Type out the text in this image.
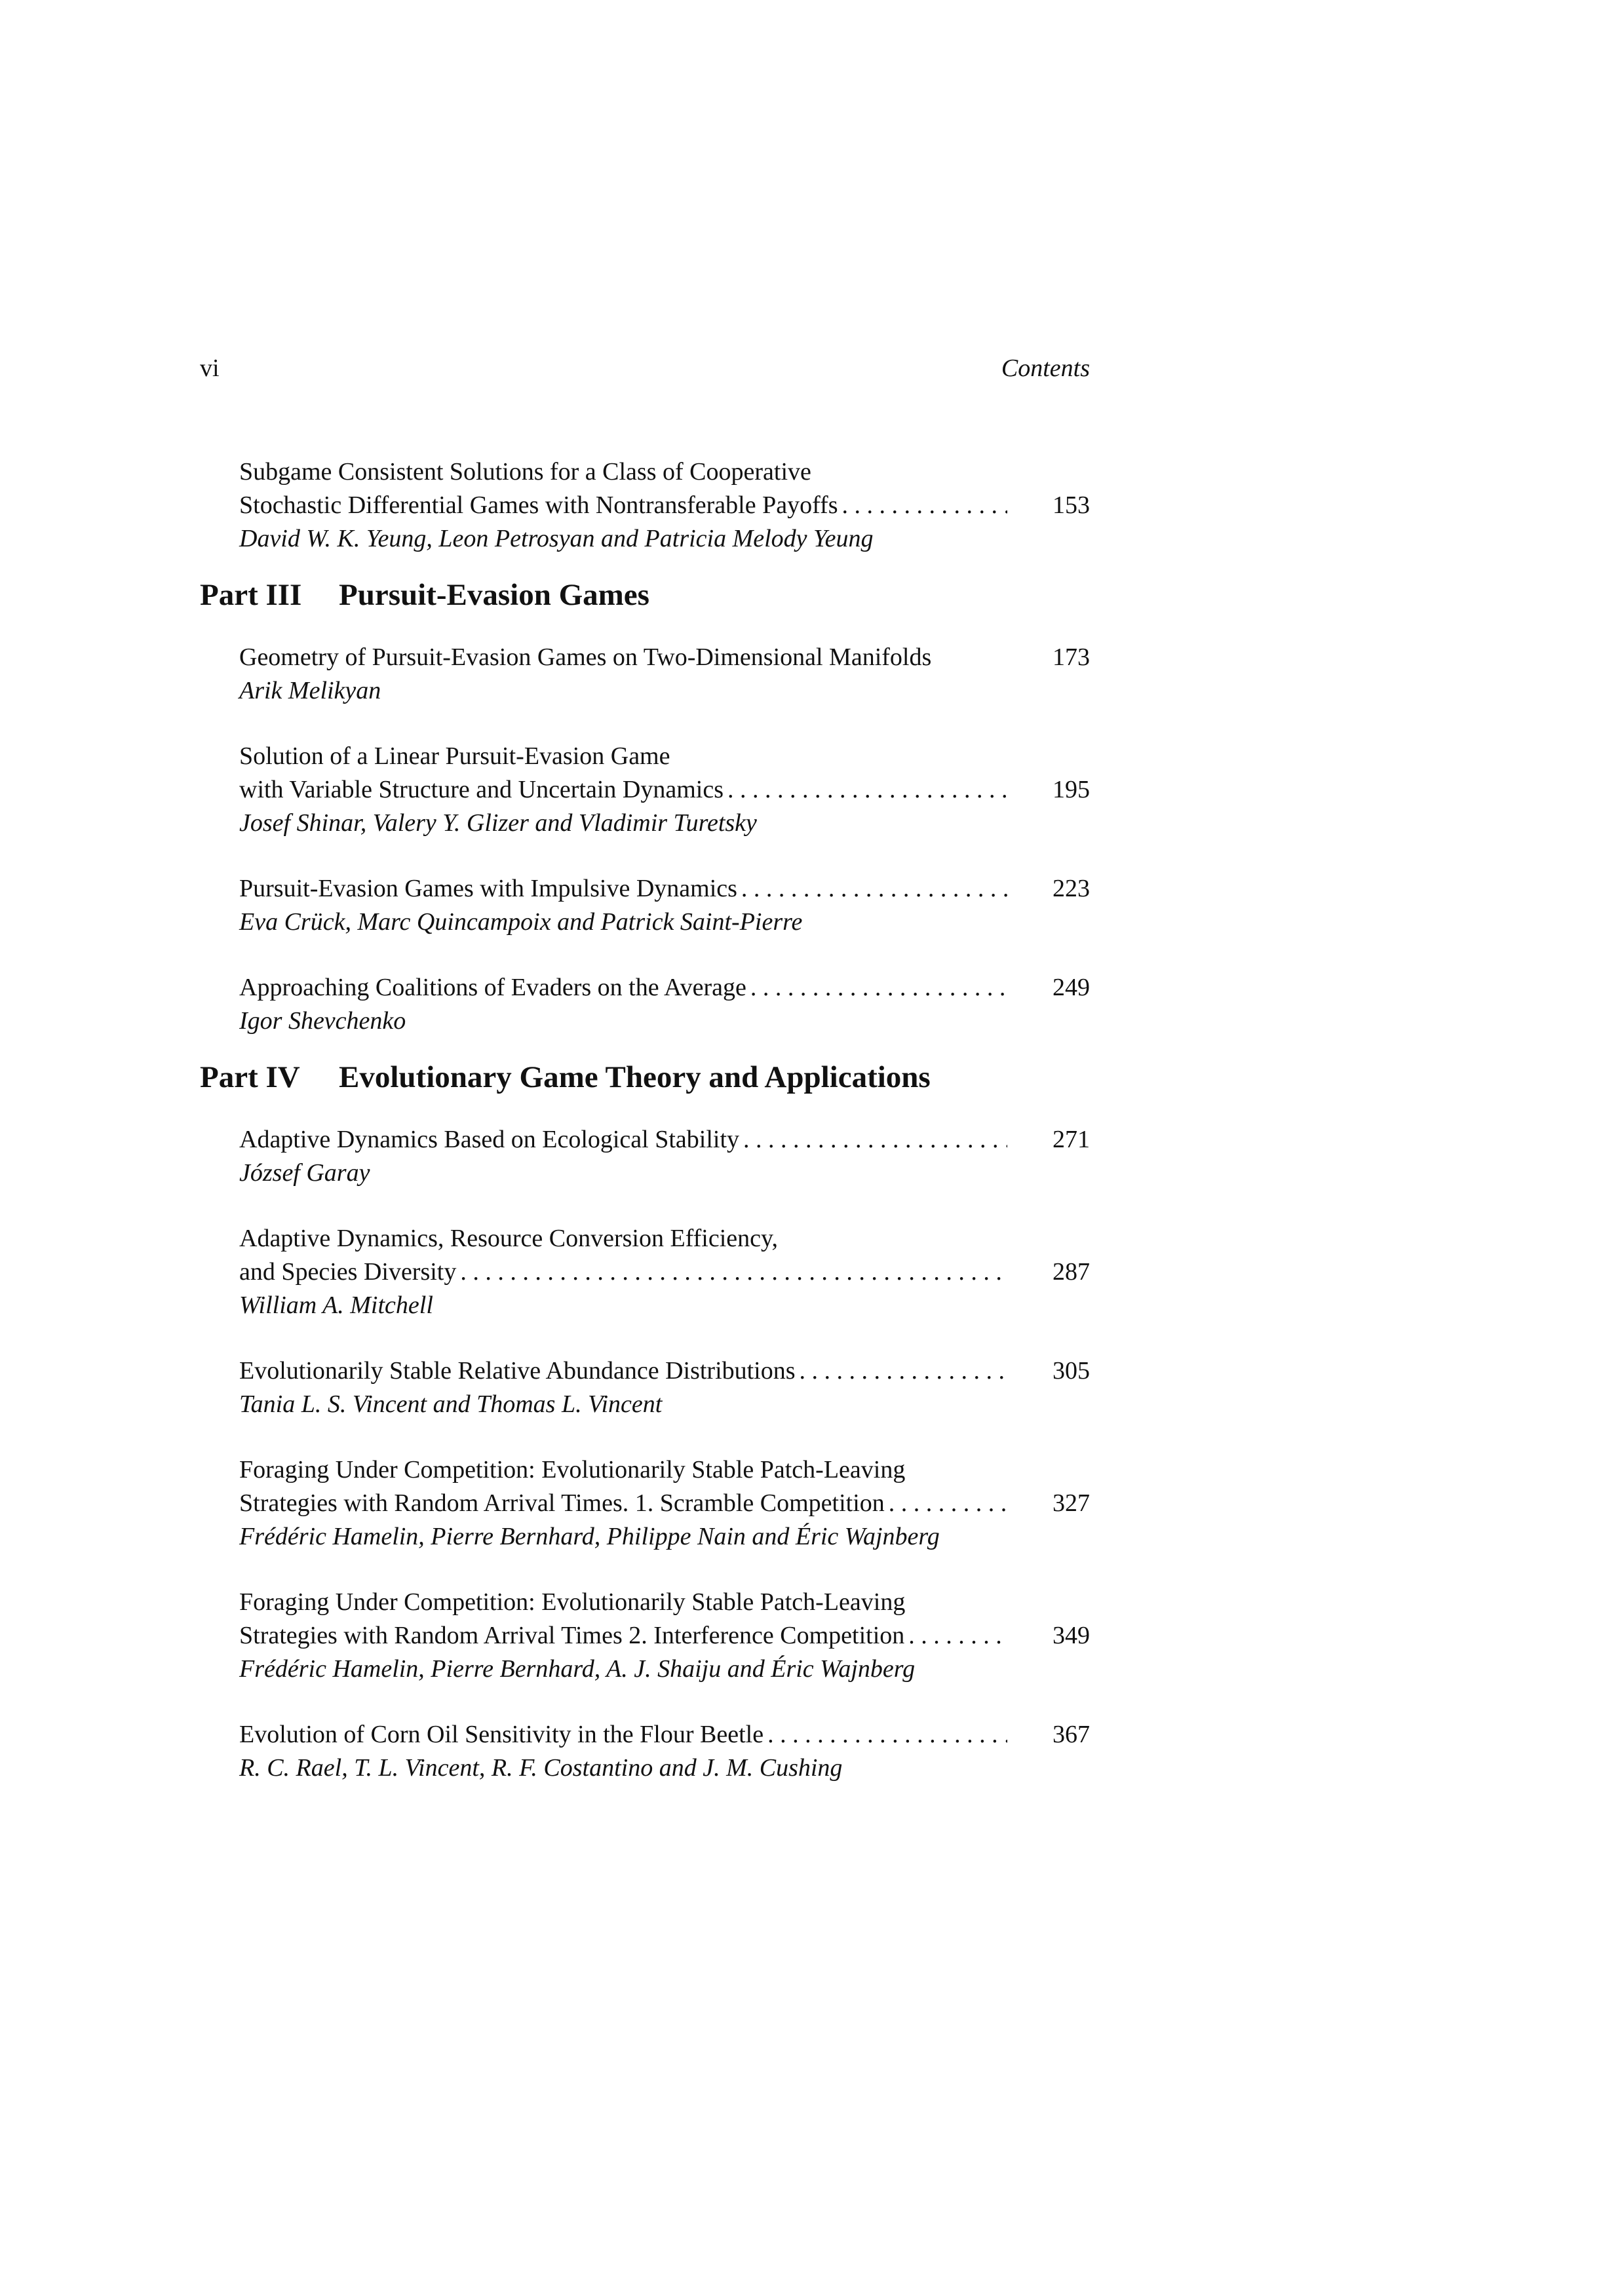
vi	Contents
Subgame Consistent Solutions for a Class of Cooperative
Stochastic Differential Games with Nontransferable Payoffs . . .	153
David W. K. Yeung, Leon Petrosyan and Patricia Melody Yeung
Part III	Pursuit-Evasion Games
Geometry of Pursuit-Evasion Games on Two-Dimensional Manifolds	173
Arik Melikyan
Solution of a Linear Pursuit-Evasion Game
with Variable Structure and Uncertain Dynamics . . .	195
Josef Shinar, Valery Y. Glizer and Vladimir Turetsky
Pursuit-Evasion Games with Impulsive Dynamics . . .	223
Eva Crück, Marc Quincampoix and Patrick Saint-Pierre
Approaching Coalitions of Evaders on the Average . . .	249
Igor Shevchenko
Part IV	Evolutionary Game Theory and Applications
Adaptive Dynamics Based on Ecological Stability . . .	271
József Garay
Adaptive Dynamics, Resource Conversion Efficiency,
and Species Diversity . . .	287
William A. Mitchell
Evolutionarily Stable Relative Abundance Distributions . . .	305
Tania L. S. Vincent and Thomas L. Vincent
Foraging Under Competition: Evolutionarily Stable Patch-Leaving
Strategies with Random Arrival Times. 1. Scramble Competition . . .	327
Frédéric Hamelin, Pierre Bernhard, Philippe Nain and Éric Wajnberg
Foraging Under Competition: Evolutionarily Stable Patch-Leaving
Strategies with Random Arrival Times 2. Interference Competition . . .	349
Frédéric Hamelin, Pierre Bernhard, A. J. Shaiju and Éric Wajnberg
Evolution of Corn Oil Sensitivity in the Flour Beetle . . .	367
R. C. Rael, T. L. Vincent, R. F. Costantino and J. M. Cushing
